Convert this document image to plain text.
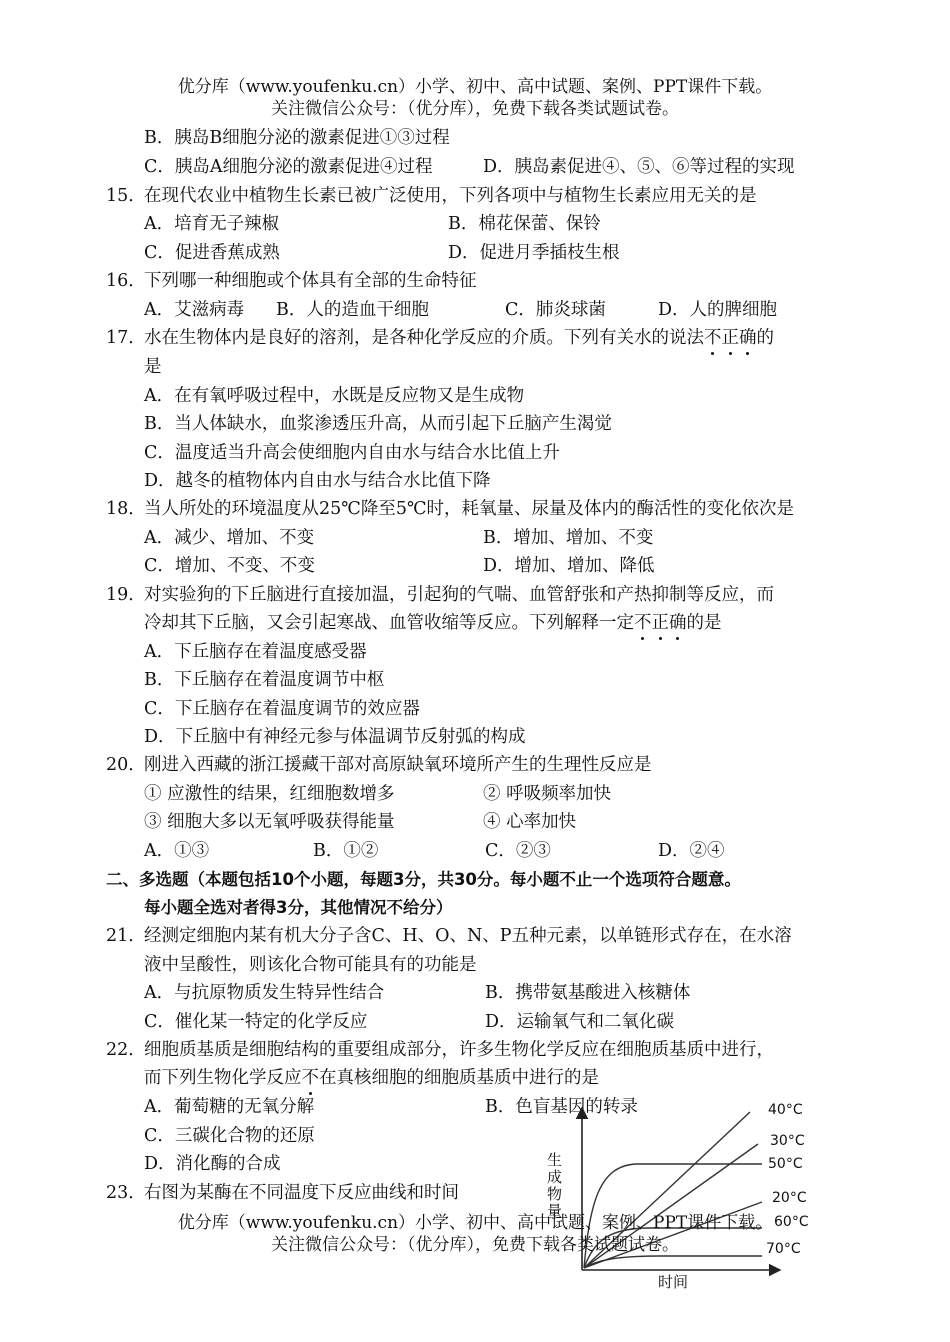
优分库（www.youfenku.cn）小学、初中、高中试题、案例、PPT课件下载。
关注微信公众号：（优分库），免费下载各类试题试卷。
B．胰岛B细胞分泌的激素促进①③过程
C．胰岛A细胞分泌的激素促进④过程	D．胰岛素促进④、⑤、⑥等过程的实现
15．
在现代农业中植物生长素已被广泛使用，下列各项中与植物生长素应用无关的是
A．培育无子辣椒	B．棉花保蕾、保铃
C．促进香蕉成熟	D．促进月季插枝生根
16．
下列哪一种细胞或个体具有全部的生命特征
A．艾滋病毒 B．人的造血干细胞	C．肺炎球菌	D．人的脾细胞
17．
水在生物体内是良好的溶剂，是各种化学反应的介质。下列有关水的说法不正确的
是
A．在有氧呼吸过程中，水既是反应物又是生成物
B．当人体缺水，血浆渗透压升高，从而引起下丘脑产生渴觉
C．温度适当升高会使细胞内自由水与结合水比值上升
D．越冬的植物体内自由水与结合水比值下降
18．
当人所处的环境温度从25℃降至5℃时，耗氧量、尿量及体内的酶活性的变化依次是
A．减少、增加、不变	B．增加、增加、不变
C．增加、不变、不变	D．增加、增加、降低
19．
对实验狗的下丘脑进行直接加温，引起狗的气喘、血管舒张和产热抑制等反应，而
冷却其下丘脑，又会引起寒战、血管收缩等反应。下列解释一定不正确的是
A．下丘脑存在着温度感受器
B．下丘脑存在着温度调节中枢
C．下丘脑存在着温度调节的效应器
D．下丘脑中有神经元参与体温调节反射弧的构成
20．
刚进入西藏的浙江援藏干部对高原缺氧环境所产生的生理性反应是
① 应激性的结果，红细胞数增多	② 呼吸频率加快
③ 细胞大多以无氧呼吸获得能量	④ 心率加快
A．①③	B．①②	C．②③	D．②④
二、多选题（本题包括10个小题，每题3分，共30分。每小题不止一个选项符合题意。
每小题全选对者得3分，其他情况不给分）
21．
经测定细胞内某有机大分子含C、H、O、N、P五种元素，以单链形式存在，在水溶
液中呈酸性，则该化合物可能具有的功能是
A．与抗原物质发生特异性结合	B．携带氨基酸进入核糖体
C．催化某一特定的化学反应	D．运输氧气和二氧化碳
22．
细胞质基质是细胞结构的重要组成部分，许多生物化学反应在细胞质基质中进行，
而下列生物化学反应不在真核细胞的细胞质基质中进行的是
A．葡萄糖的无氧分解	B．色盲基因的转录
C．三碳化合物的还原
D．消化酶的合成
23．
右图为某酶在不同温度下反应曲线和时间	生成物量
时间
40°C
30°C
50°C
20°C
60°C
70°C
优分库（www.youfenku.cn）小学、初中、高中试题、案例、PPT课件下载。
关注微信公众号：（优分库），免费下载各类试题试卷。
